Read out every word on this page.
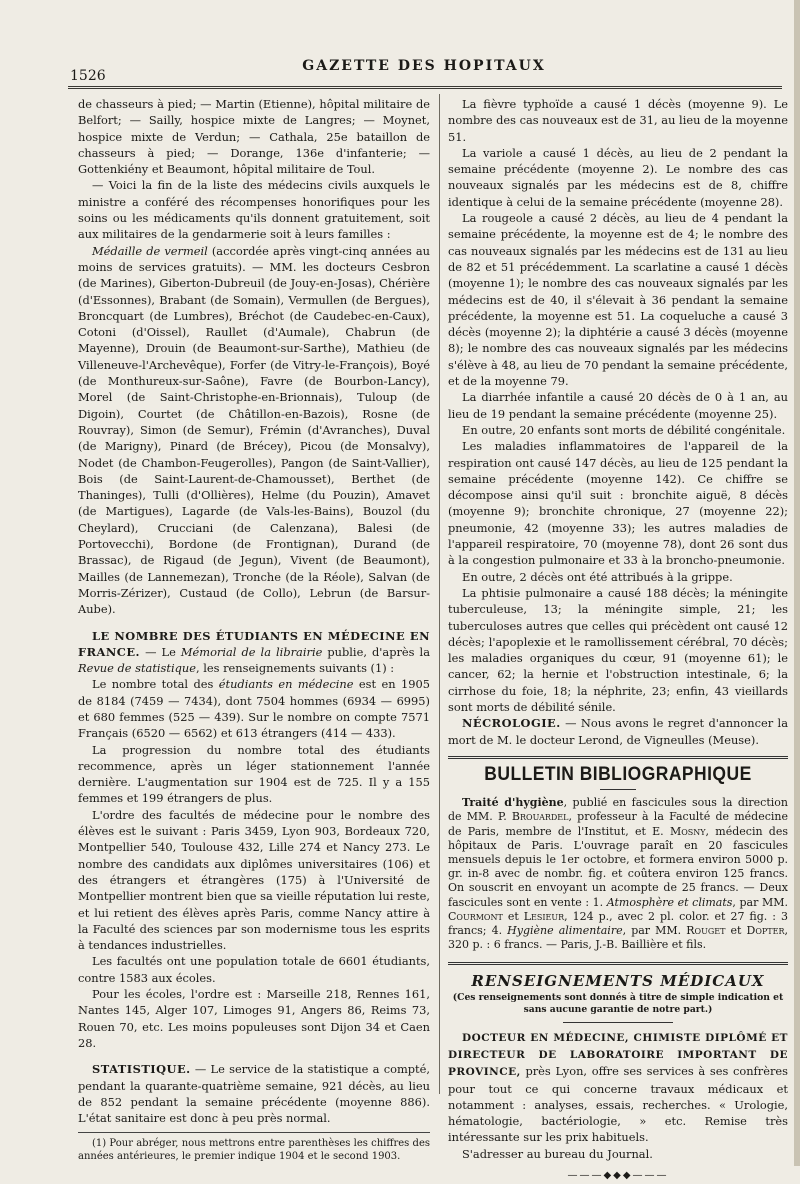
1526
GAZETTE DES HOPITAUX

de chasseurs à pied; — Martin (Etienne), hôpital militaire de Belfort; — Sailly, hospice mixte de Langres; — Moynet, hospice mixte de Verdun; — Cathala, 25e bataillon de chasseurs à pied; — Dorange, 136e d'infanterie; — Gottenkiény et Beaumont, hôpital militaire de Toul.

— Voici la fin de la liste des médecins civils auxquels le ministre a conféré des récompenses honorifiques pour les soins ou les médicaments qu'ils donnent gratuitement, soit aux militaires de la gendarmerie soit à leurs familles :

Médaille de vermeil (accordée après vingt-cinq années au moins de services gratuits). — MM. les docteurs Cesbron (de Marines), Giberton-Dubreuil (de Jouy-en-Josas), Chérière (d'Essonnes), Brabant (de Somain), Vermullen (de Bergues), Broncquart (de Lumbres), Bréchot (de Caudebec-en-Caux), Cotoni (d'Oissel), Raullet (d'Aumale), Chabrun (de Mayenne), Drouin (de Beaumont-sur-Sarthe), Mathieu (de Villeneuve-l'Archevêque), Forfer (de Vitry-le-François), Boyé (de Monthureux-sur-Saône), Favre (de Bourbon-Lancy), Morel (de Saint-Christophe-en-Brionnais), Tuloup (de Digoin), Courtet (de Châtillon-en-Bazois), Rosne (de Rouvray), Simon (de Semur), Frémin (d'Avranches), Duval (de Marigny), Pinard (de Brécey), Picou (de Monsalvy), Nodet (de Chambon-Feugerolles), Pangon (de Saint-Vallier), Bois (de Saint-Laurent-de-Chamousset), Berthet (de Thaninges), Tulli (d'Ollières), Helme (du Pouzin), Amavet (de Martigues), Lagarde (de Vals-les-Bains), Bouzol (du Cheylard), Crucciani (de Calenzana), Balesi (de Portovecchi), Bordone (de Frontignan), Durand (de Brassac), de Rigaud (de Jegun), Vivent (de Beaumont), Mailles (de Lannemezan), Tronche (de la Réole), Salvan (de Morris-Zérizer), Custaud (de Collo), Lebrun (de Barsur-Aube).

LE NOMBRE DES ÉTUDIANTS EN MÉDECINE EN FRANCE. — Le Mémorial de la librairie publie, d'après la Revue de statistique, les renseignements suivants (1) :

Le nombre total des étudiants en médecine est en 1905 de 8184 (7459 — 7434), dont 7504 hommes (6934 — 6995) et 680 femmes (525 — 439). Sur le nombre on compte 7571 Français (6520 — 6562) et 613 étrangers (414 — 433).

La progression du nombre total des étudiants recommence, après un léger stationnement l'année dernière. L'augmentation sur 1904 est de 725. Il y a 155 femmes et 199 étrangers de plus.

L'ordre des facultés de médecine pour le nombre des élèves est le suivant : Paris 3459, Lyon 903, Bordeaux 720, Montpellier 540, Toulouse 432, Lille 274 et Nancy 273. Le nombre des candidats aux diplômes universitaires (106) et des étrangers et étrangères (175) à l'Université de Montpellier montrent bien que sa vieille réputation lui reste, et lui retient des élèves après Paris, comme Nancy attire à la Faculté des sciences par son modernisme tous les esprits à tendances industrielles.

Les facultés ont une population totale de 6601 étudiants, contre 1583 aux écoles.

Pour les écoles, l'ordre est : Marseille 218, Rennes 161, Nantes 145, Alger 107, Limoges 91, Angers 86, Reims 73, Rouen 70, etc. Les moins populeuses sont Dijon 34 et Caen 28.

STATISTIQUE. — Le service de la statistique a compté, pendant la quarante-quatrième semaine, 921 décès, au lieu de 852 pendant la semaine précédente (moyenne 886). L'état sanitaire est donc à peu près normal.

(1) Pour abréger, nous mettrons entre parenthèses les chiffres des années antérieures, le premier indique 1904 et le second 1903.

La fièvre typhoïde a causé 1 décès (moyenne 9). Le nombre des cas nouveaux est de 31, au lieu de la moyenne 51.

La variole a causé 1 décès, au lieu de 2 pendant la semaine précédente (moyenne 2). Le nombre des cas nouveaux signalés par les médecins est de 8, chiffre identique à celui de la semaine précédente (moyenne 28).

La rougeole a causé 2 décès, au lieu de 4 pendant la semaine précédente, la moyenne est de 4; le nombre des cas nouveaux signalés par les médecins est de 131 au lieu de 82 et 51 précédemment. La scarlatine a causé 1 décès (moyenne 1); le nombre des cas nouveaux signalés par les médecins est de 40, il s'élevait à 36 pendant la semaine précédente, la moyenne est 51. La coqueluche a causé 3 décès (moyenne 2); la diphtérie a causé 3 décès (moyenne 8); le nombre des cas nouveaux signalés par les médecins s'élève à 48, au lieu de 70 pendant la semaine précédente, et de la moyenne 79.

La diarrhée infantile a causé 20 décès de 0 à 1 an, au lieu de 19 pendant la semaine précédente (moyenne 25).

En outre, 20 enfants sont morts de débilité congénitale.

Les maladies inflammatoires de l'appareil de la respiration ont causé 147 décès, au lieu de 125 pendant la semaine précédente (moyenne 142). Ce chiffre se décompose ainsi qu'il suit : bronchite aiguë, 8 décès (moyenne 9); bronchite chronique, 27 (moyenne 22); pneumonie, 42 (moyenne 33); les autres maladies de l'appareil respiratoire, 70 (moyenne 78), dont 26 sont dus à la congestion pulmonaire et 33 à la broncho-pneumonie.

En outre, 2 décès ont été attribués à la grippe.

La phtisie pulmonaire a causé 188 décès; la méningite tuberculeuse, 13; la méningite simple, 21; les tuberculoses autres que celles qui précèdent ont causé 12 décès; l'apoplexie et le ramollissement cérébral, 70 décès; les maladies organiques du cœur, 91 (moyenne 61); le cancer, 62; la hernie et l'obstruction intestinale, 6; la cirrhose du foie, 18; la néphrite, 23; enfin, 43 vieillards sont morts de débilité sénile.

NÉCROLOGIE. — Nous avons le regret d'annoncer la mort de M. le docteur Lerond, de Vigneulles (Meuse).

BULLETIN BIBLIOGRAPHIQUE

Traité d'hygiène, publié en fascicules sous la direction de MM. P. Brouardel, professeur à la Faculté de médecine de Paris, membre de l'Institut, et E. Mosny, médecin des hôpitaux de Paris. L'ouvrage paraît en 20 fascicules mensuels depuis le 1er octobre, et formera environ 5000 p. gr. in-8 avec de nombr. fig. et coûtera environ 125 francs. On souscrit en envoyant un acompte de 25 francs. — Deux fascicules sont en vente : 1. Atmosphère et climats, par MM. Courmont et Lesieur, 124 p., avec 2 pl. color. et 27 fig. : 3 francs; 4. Hygiène alimentaire, par MM. Rouget et Dopter, 320 p. : 6 francs. — Paris, J.-B. Baillière et fils.

RENSEIGNEMENTS MÉDICAUX
(Ces renseignements sont donnés à titre de simple indication et sans aucune garantie de notre part.)

DOCTEUR EN MÉDECINE, CHIMISTE DIPLÔMÉ ET DIRECTEUR DE LABORATOIRE IMPORTANT DE PROVINCE, près Lyon, offre ses services à ses confrères pour tout ce qui concerne travaux médicaux et notamment : analyses, essais, recherches. « Urologie, hématologie, bactériologie, » etc. Remise très intéressante sur les prix habituels.

S'adresser au bureau du Journal.

———◆◆◆———
